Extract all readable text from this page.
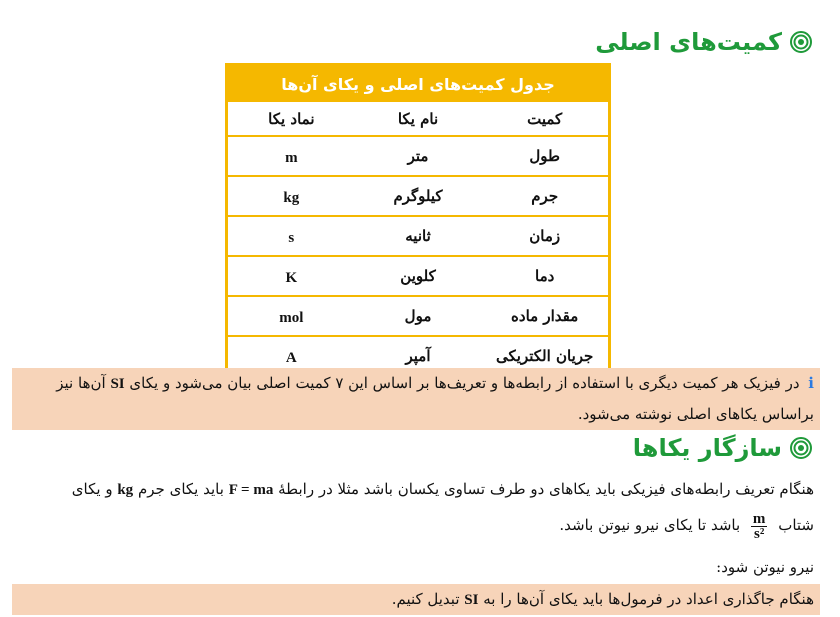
کمیت‌های اصلی
جدول کمیت‌های اصلی و یکای آن‌ها		
کمیت	نام یکا	نماد یکا
طول	متر	m
جرم	کیلوگرم	kg
زمان	ثانیه	s
دما	کلوین	K
مقدار ماده	مول	mol
جریان الکتریکی	آمپر	A

ℹ در فیزیک هر کمیت دیگری با استفاده از رابطه‌ها و تعریف‌ها بر اساس این ۷ کمیت اصلی بیان می‌شود و یکای SI آن‌ها نیز
براساس یکاهای اصلی نوشته می‌شود.
سازگار یکاها
هنگام تعریف رابطه‌های فیزیکی باید یکاهای دو طرف تساوی یکسان باشد مثلا در رابطهٔ F = ma باید یکای جرم kg و یکای
شتاب
$\frac{m}{\text{s²}}$
باشد تا یکای نیرو نیوتن باشد.
نیرو نیوتن شود:
هنگام جاگذاری اعداد در فرمول‌ها باید یکای آن‌ها را به SI تبدیل کنیم.
